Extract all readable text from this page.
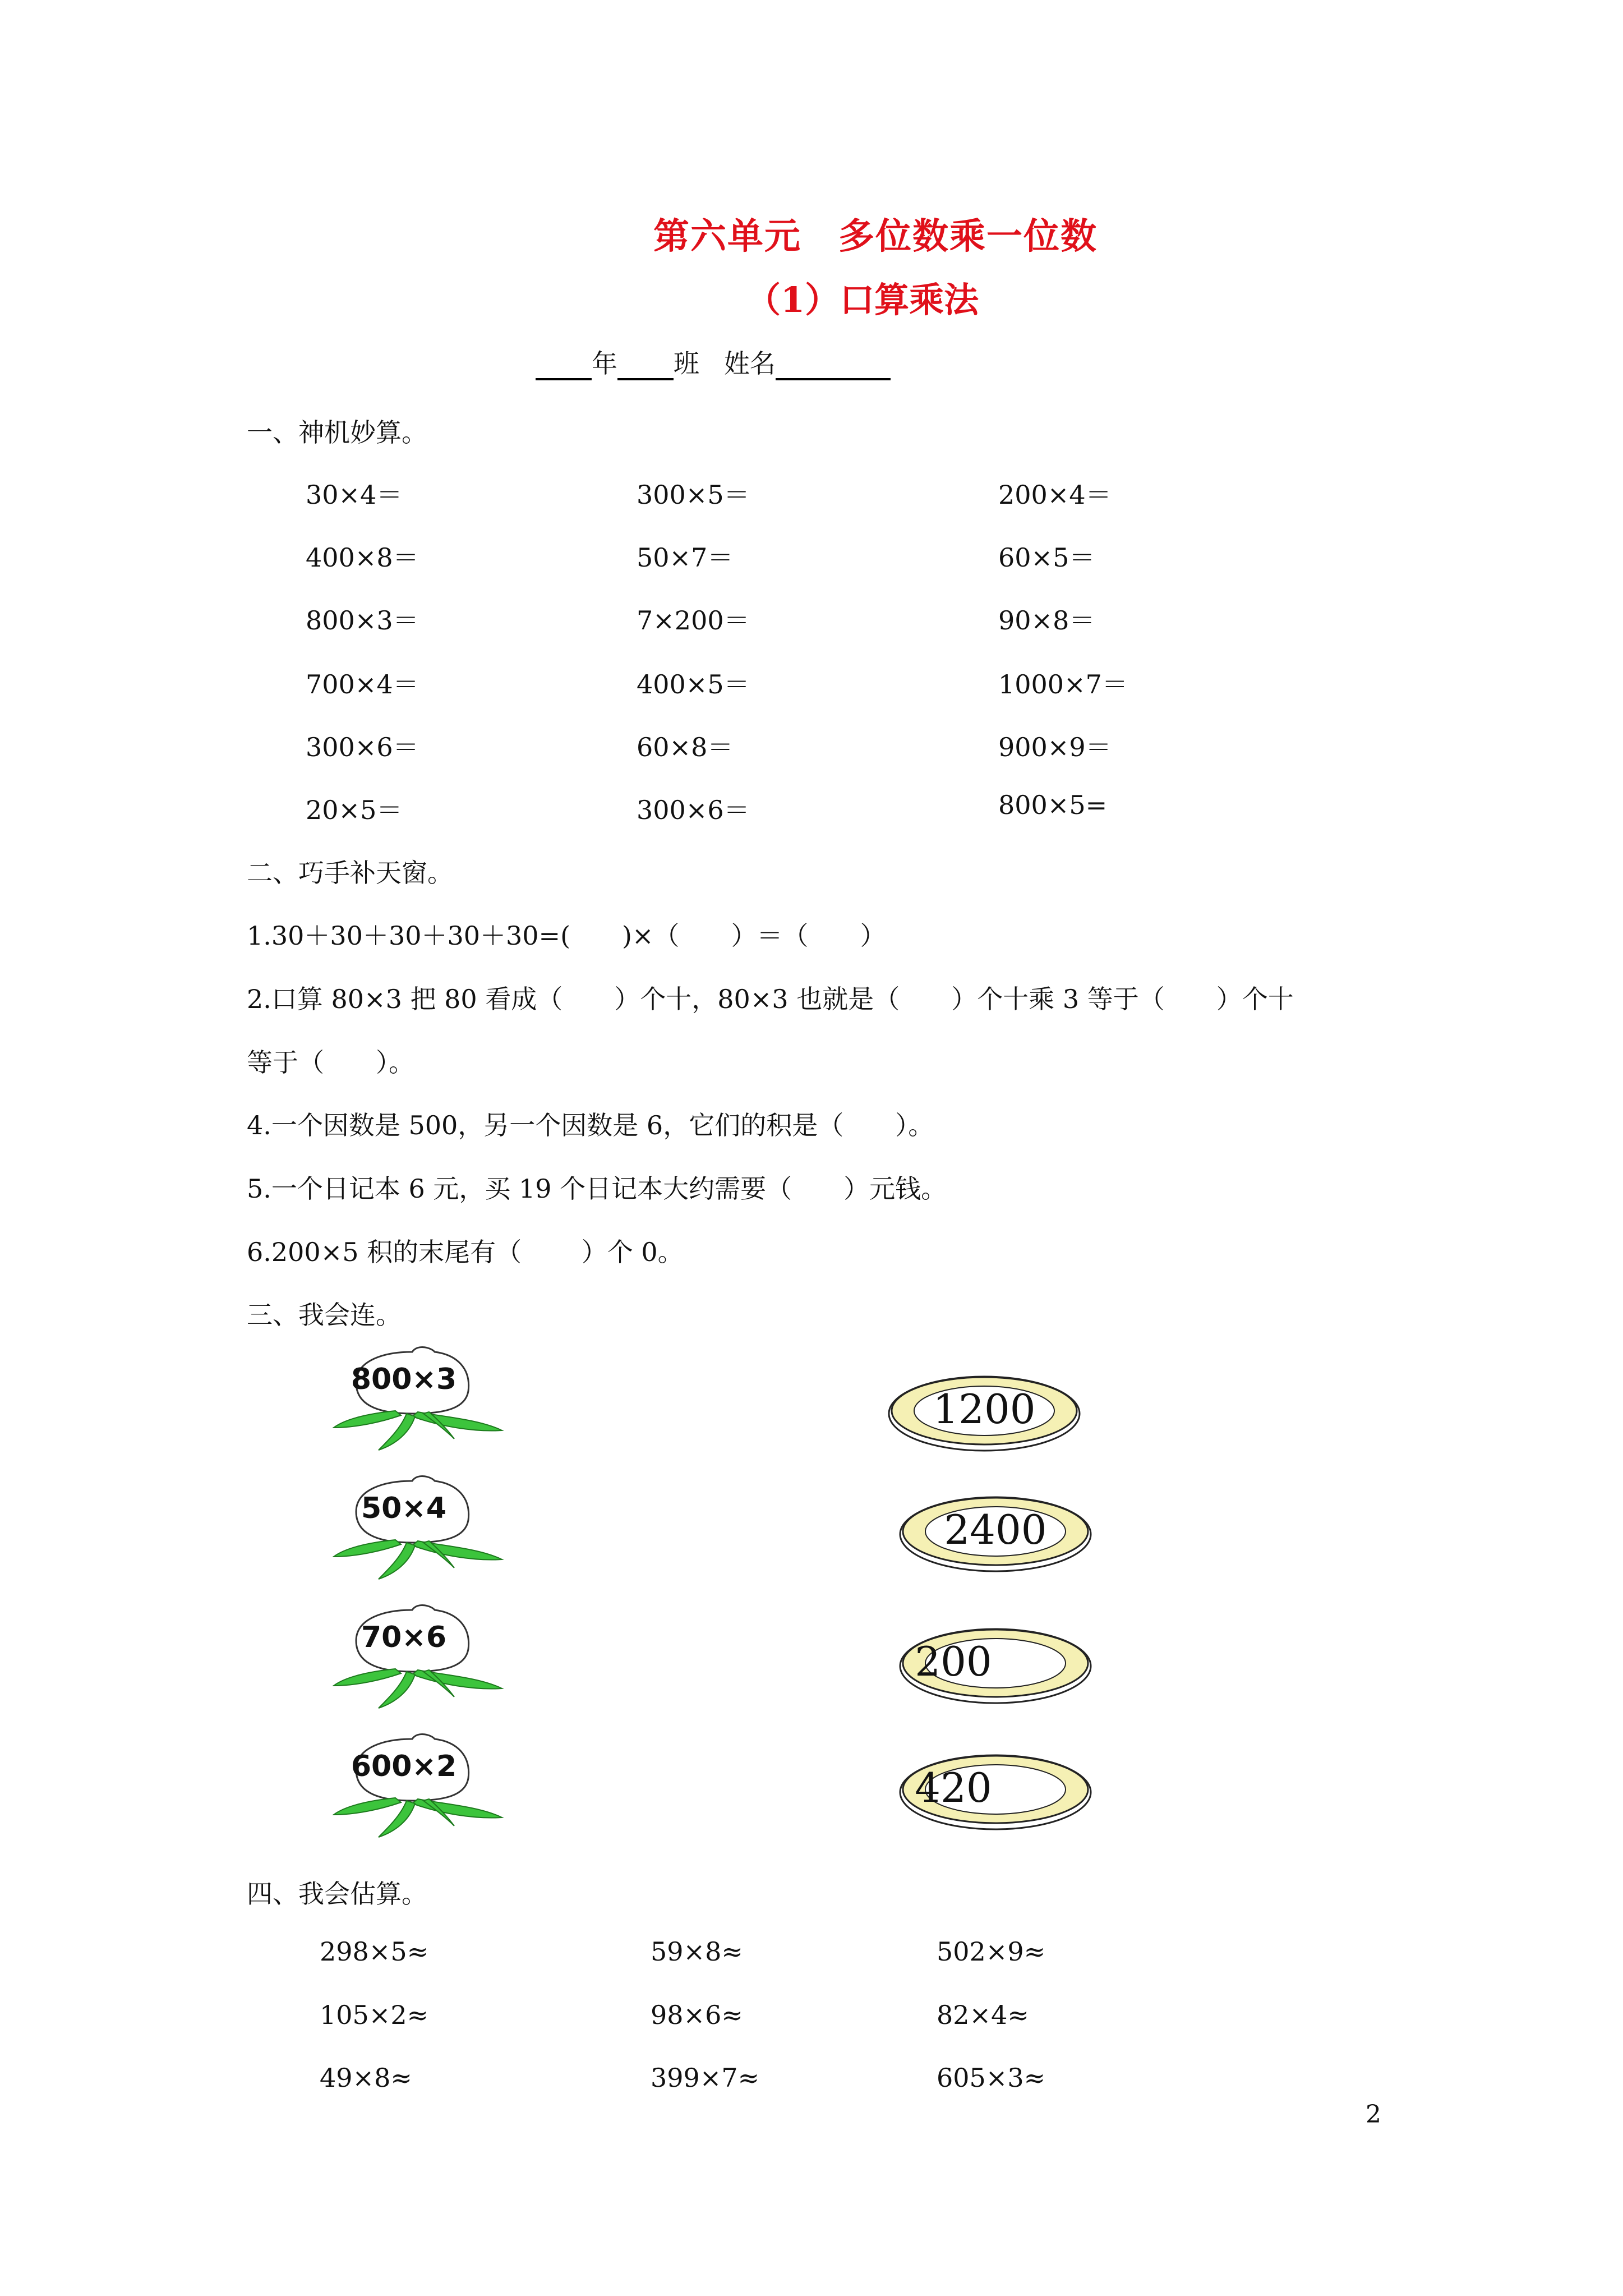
第六单元　多位数乘一位数
（1）口算乘法
年 班 姓名
一、神机妙算。
30×4＝	300×5＝	200×4＝
400×8＝	50×7＝	60×5＝
800×3＝	7×200＝	90×8＝
700×4＝	400×5＝	1000×7＝
300×6＝	60×8＝	900×9＝
20×5＝	300×6＝	800×5=
二、巧手补天窗。
1.30＋30＋30＋30＋30=(　　)×（　　）＝（　　）
2.口算 80×3 把 80 看成（　　）个十，80×3 也就是（　　）个十乘 3 等于（　　）个十
等于（　　）。
4.一个因数是 500，另一个因数是 6，它们的积是（　　）。
5.一个日记本 6 元，买 19 个日记本大约需要（　　）元钱。
6.200×5 积的末尾有（　　 ）个 0。
三、我会连。
800×3
50×4
70×6
600×2
1200
2400
200
420
四、我会估算。
298×5≈	59×8≈	502×9≈
105×2≈	98×6≈	82×4≈
49×8≈	399×7≈	605×3≈
2
